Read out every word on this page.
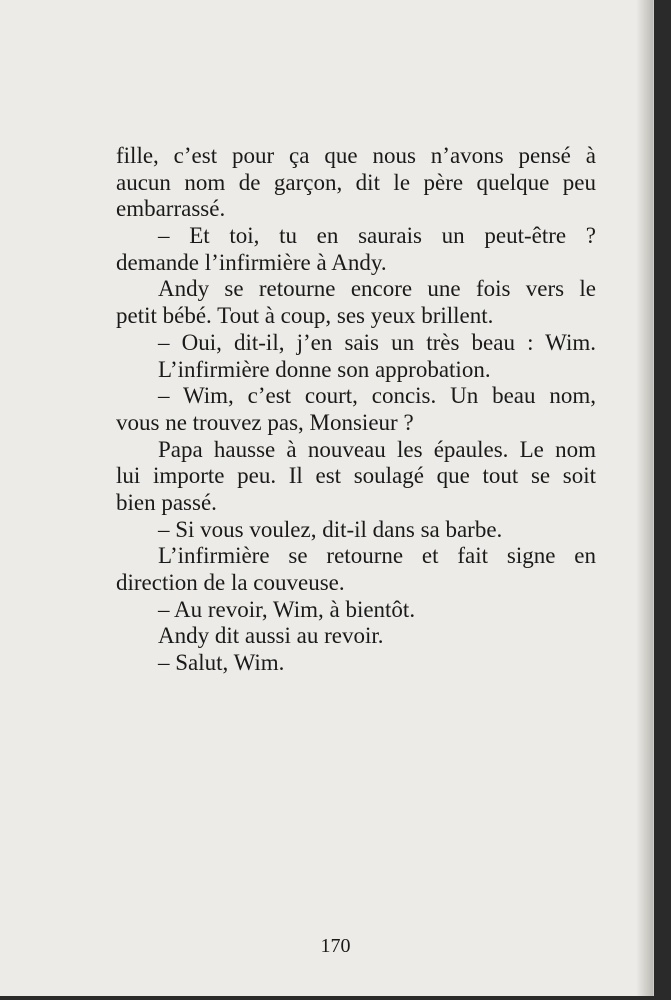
fille, c’est pour ça que nous n’avons pensé à
aucun nom de garçon, dit le père quelque peu
embarrassé.
– Et toi, tu en saurais un peut-être ?
demande l’infirmière à Andy.
Andy se retourne encore une fois vers le
petit bébé. Tout à coup, ses yeux brillent.
– Oui, dit-il, j’en sais un très beau : Wim.
L’infirmière donne son approbation.
– Wim, c’est court, concis. Un beau nom,
vous ne trouvez pas, Monsieur ?
Papa hausse à nouveau les épaules. Le nom
lui importe peu. Il est soulagé que tout se soit
bien passé.
– Si vous voulez, dit-il dans sa barbe.
L’infirmière se retourne et fait signe en
direction de la couveuse.
– Au revoir, Wim, à bientôt.
Andy dit aussi au revoir.
– Salut, Wim.
170
